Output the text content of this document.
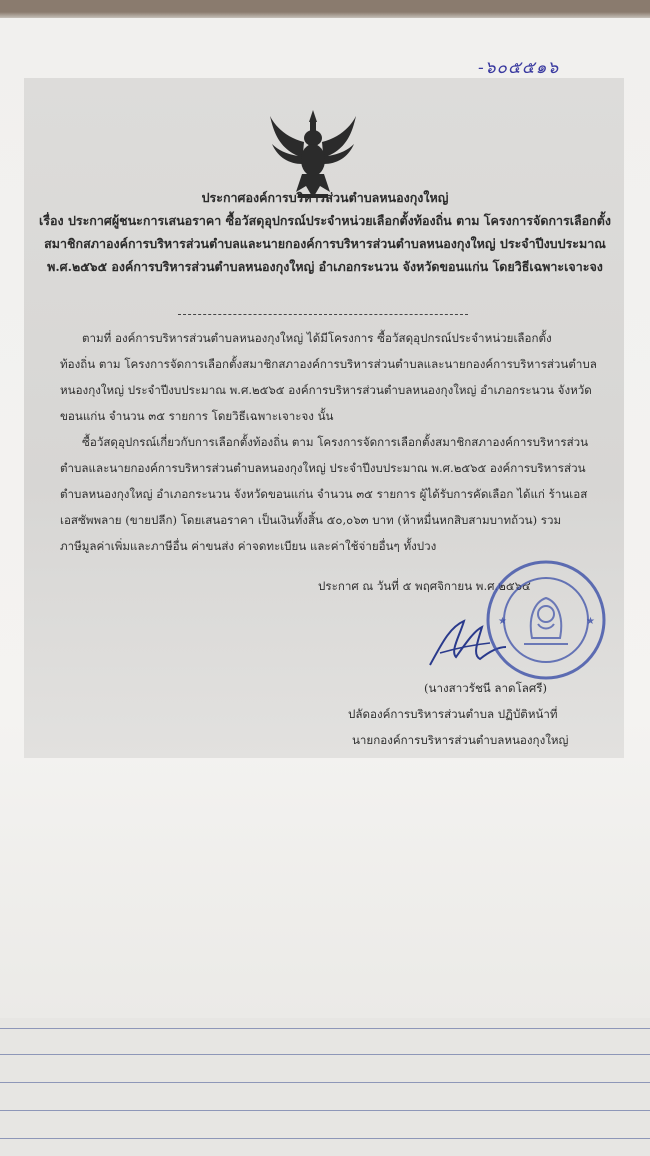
-๖๐๕๕๑๖
ประกาศองค์การบริหารส่วนตำบลหนองกุงใหญ่
เรื่อง ประกาศผู้ชนะการเสนอราคา ซื้อวัสดุอุปกรณ์ประจำหน่วยเลือกตั้งท้องถิ่น ตาม โครงการจัดการเลือกตั้ง
สมาชิกสภาองค์การบริหารส่วนตำบลและนายกองค์การบริหารส่วนตำบลหนองกุงใหญ่ ประจำปีงบประมาณ
พ.ศ.๒๕๖๕ องค์การบริหารส่วนตำบลหนองกุงใหญ่ อำเภอกระนวน จังหวัดขอนแก่น โดยวิธีเฉพาะเจาะจง
ตามที่ องค์การบริหารส่วนตำบลหนองกุงใหญ่ ได้มีโครงการ ซื้อวัสดุอุปกรณ์ประจำหน่วยเลือกตั้ง
ท้องถิ่น ตาม โครงการจัดการเลือกตั้งสมาชิกสภาองค์การบริหารส่วนตำบลและนายกองค์การบริหารส่วนตำบล
หนองกุงใหญ่ ประจำปีงบประมาณ พ.ศ.๒๕๖๕ องค์การบริหารส่วนตำบลหนองกุงใหญ่ อำเภอกระนวน จังหวัด
ขอนแก่น จำนวน ๓๕ รายการ โดยวิธีเฉพาะเจาะจง นั้น
ซื้อวัสดุอุปกรณ์เกี่ยวกับการเลือกตั้งท้องถิ่น ตาม โครงการจัดการเลือกตั้งสมาชิกสภาองค์การบริหารส่วน
ตำบลและนายกองค์การบริหารส่วนตำบลหนองกุงใหญ่ ประจำปีงบประมาณ พ.ศ.๒๕๖๕ องค์การบริหารส่วน
ตำบลหนองกุงใหญ่ อำเภอกระนวน จังหวัดขอนแก่น จำนวน ๓๕ รายการ ผู้ได้รับการคัดเลือก ได้แก่ ร้านเอส
เอสซัพพลาย (ขายปลีก) โดยเสนอราคา เป็นเงินทั้งสิ้น ๕๐,๐๖๓ บาท (ห้าหมื่นหกสิบสามบาทถ้วน) รวม
ภาษีมูลค่าเพิ่มและภาษีอื่น ค่าขนส่ง ค่าจดทะเบียน และค่าใช้จ่ายอื่นๆ ทั้งปวง
ประกาศ ณ วันที่ ๕ พฤศจิกายน พ.ศ.๒๕๖๔
★	★
(นางสาวรัชนี ลาดโลศรี)
ปลัดองค์การบริหารส่วนตำบล ปฏิบัติหน้าที่
นายกองค์การบริหารส่วนตำบลหนองกุงใหญ่
